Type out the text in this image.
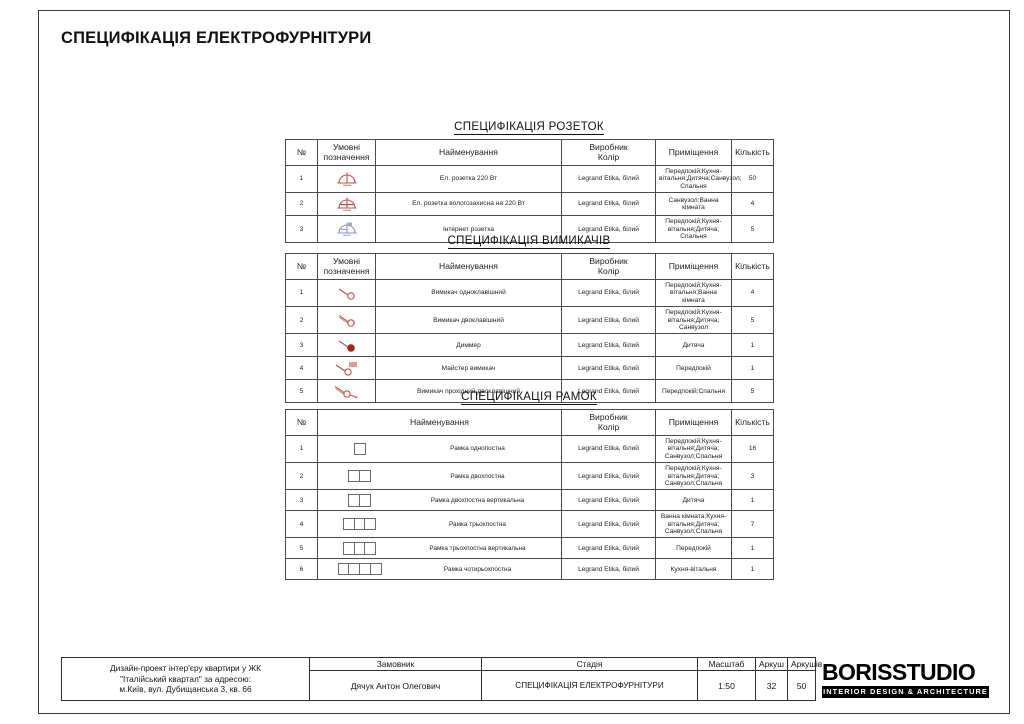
СПЕЦИФІКАЦІЯ ЕЛЕКТРОФУРНІТУРИ
СПЕЦИФІКАЦІЯ РОЗЕТОК
№	Умовні
позначення	Найменування	Виробник
Колір	Приміщення	Кількість
1		Ел. розетка 220 Вт	Legrand Etika, білий	Передпокій;Кухня-
вітальня;Дитяча;Санвузол;
Спальня	50
2		Ел. розетка вологозахисна на 220 Вт	Legrand Etika, білий	Санвузол;Ванна кімната	4
3		Інтернет розетка	Legrand Etika, білий	Передпокій;Кухня-
вітальня;Дитяча;
Спальня	5
СПЕЦИФІКАЦІЯ ВИМИКАЧІВ
№	Умовні
позначення	Найменування	Виробник
Колір	Приміщення	Кількість
1		Вимикач одноклавішний	Legrand Etika, білий	Передпокій;Кухня-вітальня;Ванна
кімната	4
2		Вимикач двоклавішний	Legrand Etika, білий	Передпокій;Кухня-
вітальня;Дитяча;
Санвузол	5
3		Диммер	Legrand Etika, білий	Дитяча	1
4		Майстер вимикач	Legrand Etika, білий	Передпокій	1
5		Вимикач прохідний двоклавішний	Legrand Etika, білий	Передпокій;Спальня	5
СПЕЦИФІКАЦІЯ РАМОК
№	Найменування	Виробник
Колір	Приміщення	Кількість
1	Рамка однопостна	Legrand Etika, білий	Передпокій;Кухня-
вітальня;Дитяча;
Санвузол;Спальня	16
2	Рамка двохпостна	Legrand Etika, білий	Передпокій;Кухня-
вітальня;Дитяча;
Санвузол;Спальня	3
3	Рамка двохпостна вертикальна	Legrand Etika, білий	Дитяча	1
4	Рамка трьохпостна	Legrand Etika, білий	Ванна кімната;Кухня-
вітальня;Дитяча;
Санвузол;Спальня	7
5	Рамка трьохпостна вертикальна	Legrand Etika, білий	Передпокій	1
6	Рамка чотирьохпостна	Legrand Etika, білий	Кухня-вітальня	1
Дизайн-проект інтер'єру квартири у ЖК
"Італійський квартал" за адресою:
м.Київ, вул. Дубищанська 3, кв. 66	Замовник	Стадія	Масштаб	Аркуш	Аркушів
	Дячук Антон Олегович	СПЕЦИФІКАЦІЯ ЕЛЕКТРОФУРНІТУРИ	1:50	32	50
BORISSTUDIO
INTERIOR DESIGN & ARCHITECTURE
